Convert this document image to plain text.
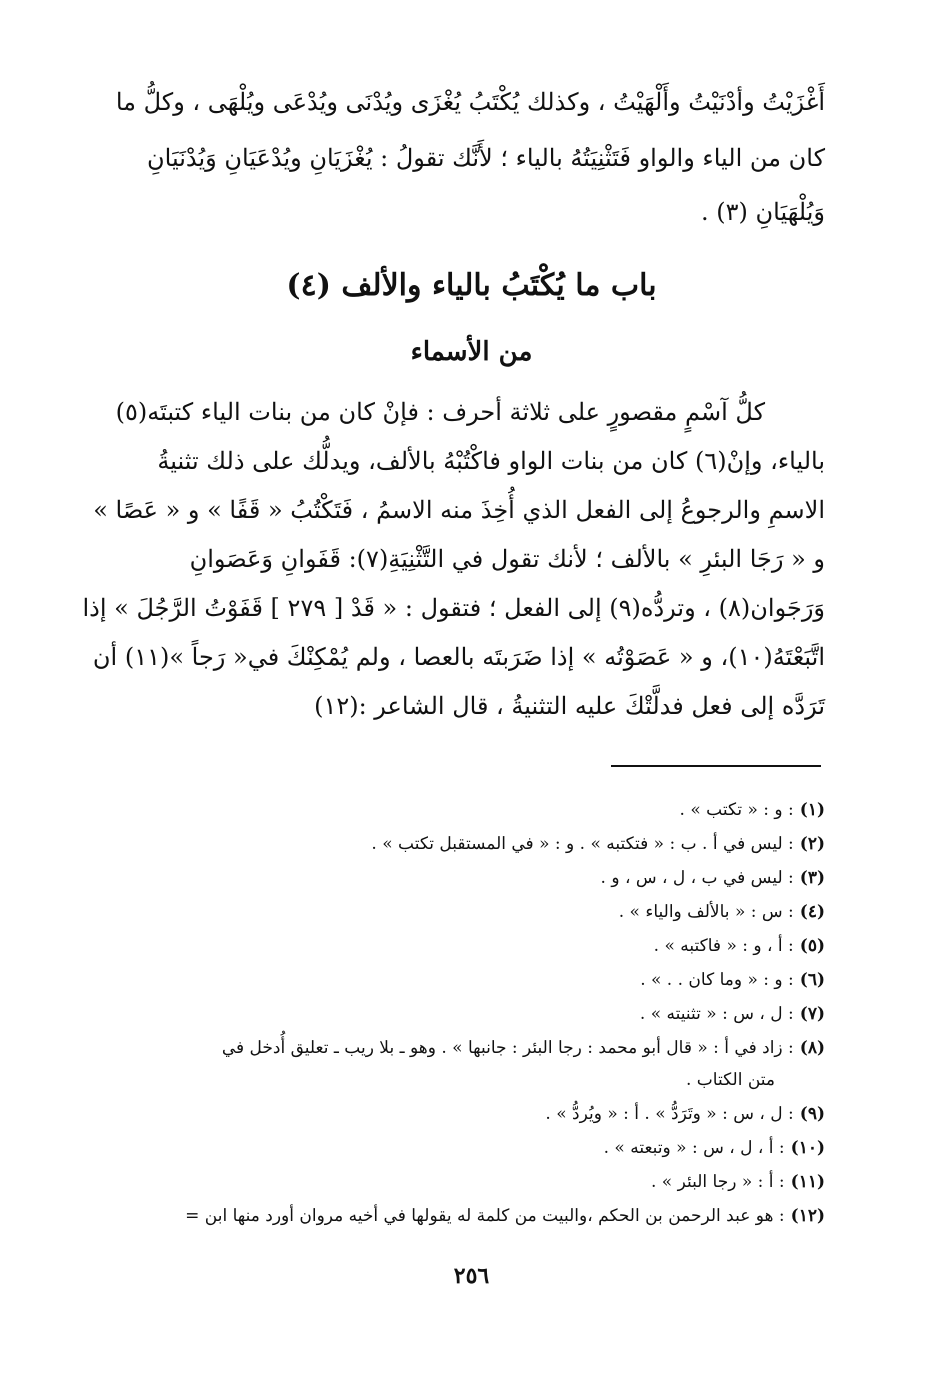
أَغْزَيْتُ وأدْنَيْتُ وأَلْهَيْتُ ، وكذلك يُكْتَبُ يُغْزَى ويُدْنَى ويُدْعَى ويُلْهَى ، وكلُّ ما
كان من الياء والواو فَتَثْنِيَتُهُ بالياء ؛ لأَنَّك تقولُ : يُغْزَيَانِ ويُدْعَيَانِ وَيُدْنَيَانِ
وَيُلْهَيَانِ (٣) .
باب ما يُكْتَبُ بالياء والألف (٤)
من الأسماء
كلُّ آسْمٍ مقصورٍ على ثلاثة أحرف : فإنْ كان من بنات الياء كتبتَه(٥)
بالياء، وإنْ(٦) كان من بنات الواو فاكْتُبْهُ بالألف، ويدلُّك على ذلك تثنيةُ
الاسمِ والرجوعُ إلى الفعل الذي أُخِذَ منه الاسمُ ، فَتَكْتُبُ « قَفًا » و « عَصًا »
و « رَجَا البئرِ » بالألف ؛ لأنك تقول في التَّثْنِيَةِ(٧): قَفَوانِ وَعَصَوانِ
وَرَجَوان(٨) ، وتردُّه(٩) إلى الفعل ؛ فتقول : « قَدْ [ ٢٧٩ ] قَفَوْتُ الرَّجُلَ » إذا
اتَّبَعْتَهُ(١٠)، و « عَصَوْتُه » إذا ضَرَبتَه بالعصا ، ولم يُمْكِنْكَ في« رَجاً »(١١) أن
تَرَدَّه إلى فعل فدلَّتْكَ عليه التثنيةُ ، قال الشاعر :(١٢)
(١): و : « تكتب » .
(٢): ليس في أ . ب : « فتكتبه » . و : « في المستقبل تكتب » .
(٣): ليس في ب ، ل ، س ، و .
(٤): س : « بالألف والياء » .
(٥): أ ، و : « فاكتبه » .
(٦): و : « وما كان . . » .
(٧): ل ، س : « تثنيته » .
(٨): زاد في أ : « قال أبو محمد : رجا البئر : جانبها » . وهو ـ بلا ريب ـ تعليق أُدخل في
متن الكتاب .
(٩): ل ، س : « وتَرَدُّ » . أ : « ويُردُّ » .
(١٠): أ ، ل ، س : « وتبعته » .
(١١): أ : « رجا البئر » .
(١٢): هو عبد الرحمن بن الحكم ،والبيت من كلمة له يقولها في أخيه مروان أورد منها ابن =
٢٥٦
